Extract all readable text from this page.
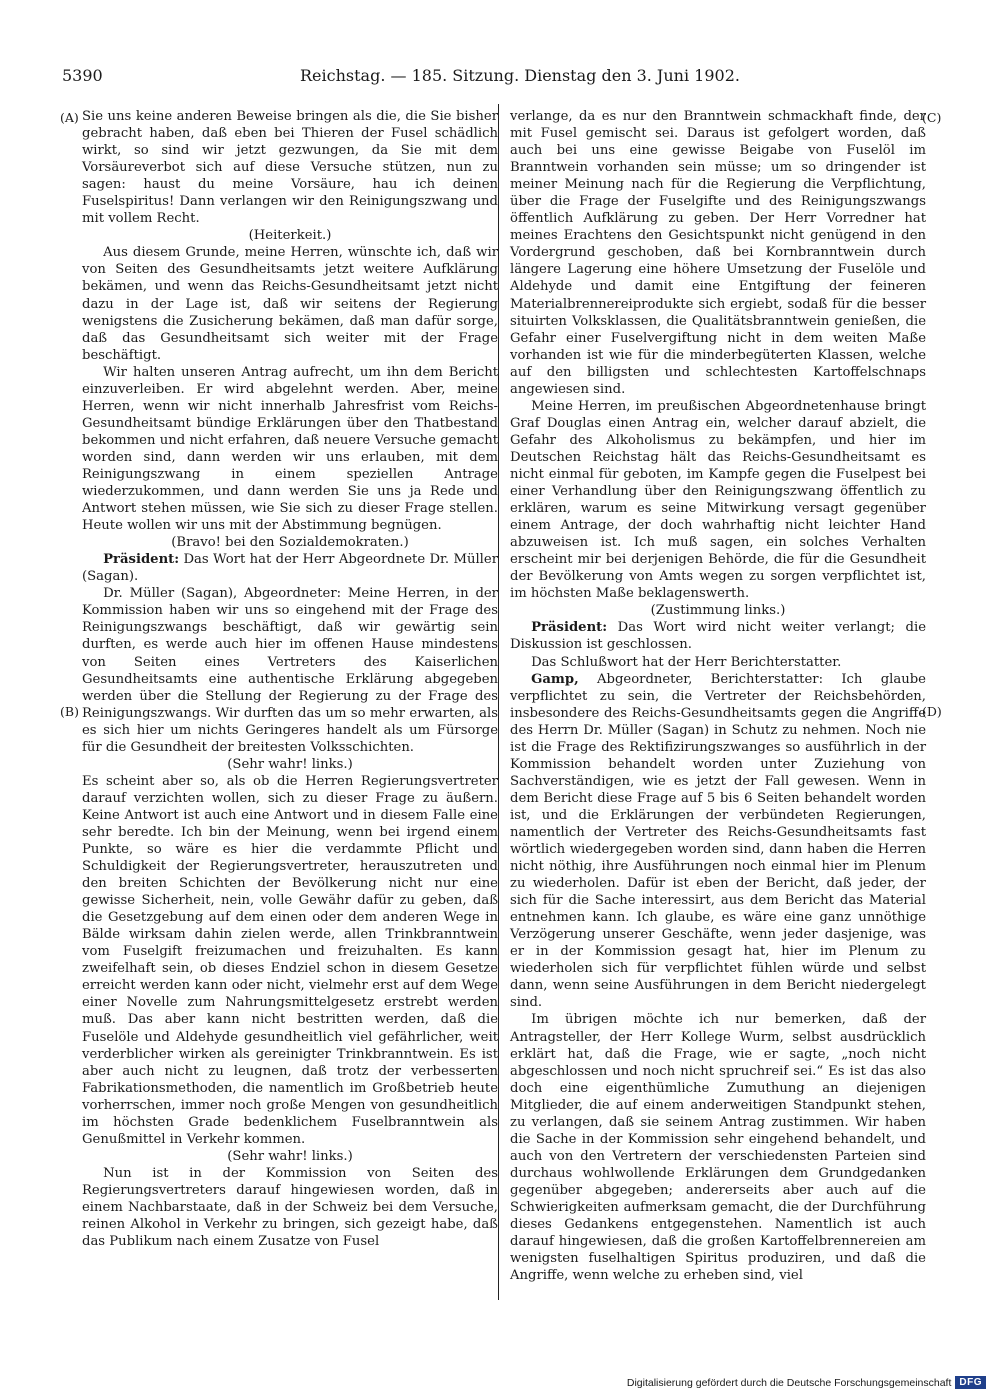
5390	Reichstag. — 185. Sitzung. Dienstag den 3. Juni 1902.
(A)
(B)
(C)
(D)

Sie uns keine anderen Beweise bringen als die, die Sie bisher gebracht haben, daß eben bei Thieren der Fusel schädlich wirkt, so sind wir jetzt gezwungen, da Sie mit dem Vorsäureverbot sich auf diese Versuche stützen, nun zu sagen: haust du meine Vorsäure, hau ich deinen Fuselspiritus! Dann verlangen wir den Reinigungszwang und mit vollem Recht.

(Heiterkeit.)

Aus diesem Grunde, meine Herren, wünschte ich, daß wir von Seiten des Gesundheitsamts jetzt weitere Aufklärung bekämen, und wenn das Reichs-Gesundheitsamt jetzt nicht dazu in der Lage ist, daß wir seitens der Regierung wenigstens die Zusicherung bekämen, daß man dafür sorge, daß das Gesundheitsamt sich weiter mit der Frage beschäftigt.

Wir halten unseren Antrag aufrecht, um ihn dem Bericht einzuverleiben. Er wird abgelehnt werden. Aber, meine Herren, wenn wir nicht innerhalb Jahresfrist vom Reichs-Gesundheitsamt bündige Erklärungen über den Thatbestand bekommen und nicht erfahren, daß neuere Versuche gemacht worden sind, dann werden wir uns erlauben, mit dem Reinigungszwang in einem speziellen Antrage wiederzukommen, und dann werden Sie uns ja Rede und Antwort stehen müssen, wie Sie sich zu dieser Frage stellen. Heute wollen wir uns mit der Abstimmung begnügen.

(Bravo! bei den Sozialdemokraten.)

Präsident: Das Wort hat der Herr Abgeordnete Dr. Müller (Sagan).

Dr. Müller (Sagan), Abgeordneter: Meine Herren, in der Kommission haben wir uns so eingehend mit der Frage des Reinigungszwangs beschäftigt, daß wir gewärtig sein durften, es werde auch hier im offenen Hause mindestens von Seiten eines Vertreters des Kaiserlichen Gesundheitsamts eine authentische Erklärung abgegeben werden über die Stellung der Regierung zu der Frage des Reinigungszwangs. Wir durften das um so mehr erwarten, als es sich hier um nichts Geringeres handelt als um Fürsorge für die Gesundheit der breitesten Volksschichten.

(Sehr wahr! links.)

Es scheint aber so, als ob die Herren Regierungsvertreter darauf verzichten wollen, sich zu dieser Frage zu äußern. Keine Antwort ist auch eine Antwort und in diesem Falle eine sehr beredte. Ich bin der Meinung, wenn bei irgend einem Punkte, so wäre es hier die verdammte Pflicht und Schuldigkeit der Regierungsvertreter, herauszutreten und den breiten Schichten der Bevölkerung nicht nur eine gewisse Sicherheit, nein, volle Gewähr dafür zu geben, daß die Gesetzgebung auf dem einen oder dem anderen Wege in Bälde wirksam dahin zielen werde, allen Trinkbranntwein vom Fuselgift freizumachen und freizuhalten. Es kann zweifelhaft sein, ob dieses Endziel schon in diesem Gesetze erreicht werden kann oder nicht, vielmehr erst auf dem Wege einer Novelle zum Nahrungsmittelgesetz erstrebt werden muß. Das aber kann nicht bestritten werden, daß die Fuselöle und Aldehyde gesundheitlich viel gefährlicher, weit verderblicher wirken als gereinigter Trinkbranntwein. Es ist aber auch nicht zu leugnen, daß trotz der verbesserten Fabrikationsmethoden, die namentlich im Großbetrieb heute vorherrschen, immer noch große Mengen von gesundheitlich im höchsten Grade bedenklichem Fuselbranntwein als Genußmittel in Verkehr kommen.

(Sehr wahr! links.)

Nun ist in der Kommission von Seiten des Regierungsvertreters darauf hingewiesen worden, daß in einem Nachbarstaate, daß in der Schweiz bei dem Versuche, reinen Alkohol in Verkehr zu bringen, sich gezeigt habe, daß das Publikum nach einem Zusatze von Fusel

verlange, da es nur den Branntwein schmackhaft finde, der mit Fusel gemischt sei. Daraus ist gefolgert worden, daß auch bei uns eine gewisse Beigabe von Fuselöl im Branntwein vorhanden sein müsse; um so dringender ist meiner Meinung nach für die Regierung die Verpflichtung, über die Frage der Fuselgifte und des Reinigungszwangs öffentlich Aufklärung zu geben. Der Herr Vorredner hat meines Erachtens den Gesichtspunkt nicht genügend in den Vordergrund geschoben, daß bei Kornbranntwein durch längere Lagerung eine höhere Umsetzung der Fuselöle und Aldehyde und damit eine Entgiftung der feineren Materialbrennereiprodukte sich ergiebt, sodaß für die besser situirten Volksklassen, die Qualitätsbranntwein genießen, die Gefahr einer Fuselvergiftung nicht in dem weiten Maße vorhanden ist wie für die minderbegüterten Klassen, welche auf den billigsten und schlechtesten Kartoffelschnaps angewiesen sind.

Meine Herren, im preußischen Abgeordnetenhause bringt Graf Douglas einen Antrag ein, welcher darauf abzielt, die Gefahr des Alkoholismus zu bekämpfen, und hier im Deutschen Reichstag hält das Reichs-Gesundheitsamt es nicht einmal für geboten, im Kampfe gegen die Fuselpest bei einer Verhandlung über den Reinigungszwang öffentlich zu erklären, warum es seine Mitwirkung versagt gegenüber einem Antrage, der doch wahrhaftig nicht leichter Hand abzuweisen ist. Ich muß sagen, ein solches Verhalten erscheint mir bei derjenigen Behörde, die für die Gesundheit der Bevölkerung von Amts wegen zu sorgen verpflichtet ist, im höchsten Maße beklagenswerth.

(Zustimmung links.)

Präsident: Das Wort wird nicht weiter verlangt; die Diskussion ist geschlossen.

Das Schlußwort hat der Herr Berichterstatter.

Gamp, Abgeordneter, Berichterstatter: Ich glaube verpflichtet zu sein, die Vertreter der Reichsbehörden, insbesondere des Reichs-Gesundheitsamts gegen die Angriffe des Herrn Dr. Müller (Sagan) in Schutz zu nehmen. Noch nie ist die Frage des Rektifizirungszwanges so ausführlich in der Kommission behandelt worden unter Zuziehung von Sachverständigen, wie es jetzt der Fall gewesen. Wenn in dem Bericht diese Frage auf 5 bis 6 Seiten behandelt worden ist, und die Erklärungen der verbündeten Regierungen, namentlich der Vertreter des Reichs-Gesundheitsamts fast wörtlich wiedergegeben worden sind, dann haben die Herren nicht nöthig, ihre Ausführungen noch einmal hier im Plenum zu wiederholen. Dafür ist eben der Bericht, daß jeder, der sich für die Sache interessirt, aus dem Bericht das Material entnehmen kann. Ich glaube, es wäre eine ganz unnöthige Verzögerung unserer Geschäfte, wenn jeder dasjenige, was er in der Kommission gesagt hat, hier im Plenum zu wiederholen sich für verpflichtet fühlen würde und selbst dann, wenn seine Ausführungen in dem Bericht niedergelegt sind.

Im übrigen möchte ich nur bemerken, daß der Antragsteller, der Herr Kollege Wurm, selbst ausdrücklich erklärt hat, daß die Frage, wie er sagte, „noch nicht abgeschlossen und noch nicht spruchreif sei.“ Es ist das also doch eine eigenthümliche Zumuthung an diejenigen Mitglieder, die auf einem anderweitigen Standpunkt stehen, zu verlangen, daß sie seinem Antrag zustimmen. Wir haben die Sache in der Kommission sehr eingehend behandelt, und auch von den Vertretern der verschiedensten Parteien sind durchaus wohlwollende Erklärungen dem Grundgedanken gegenüber abgegeben; andererseits aber auch auf die Schwierigkeiten aufmerksam gemacht, die der Durchführung dieses Gedankens entgegenstehen. Namentlich ist auch darauf hingewiesen, daß die großen Kartoffelbrennereien am wenigsten fuselhaltigen Spiritus produziren, und daß die Angriffe, wenn welche zu erheben sind, viel

Digitalisierung gefördert durch die Deutsche Forschungsgemeinschaft DFG
